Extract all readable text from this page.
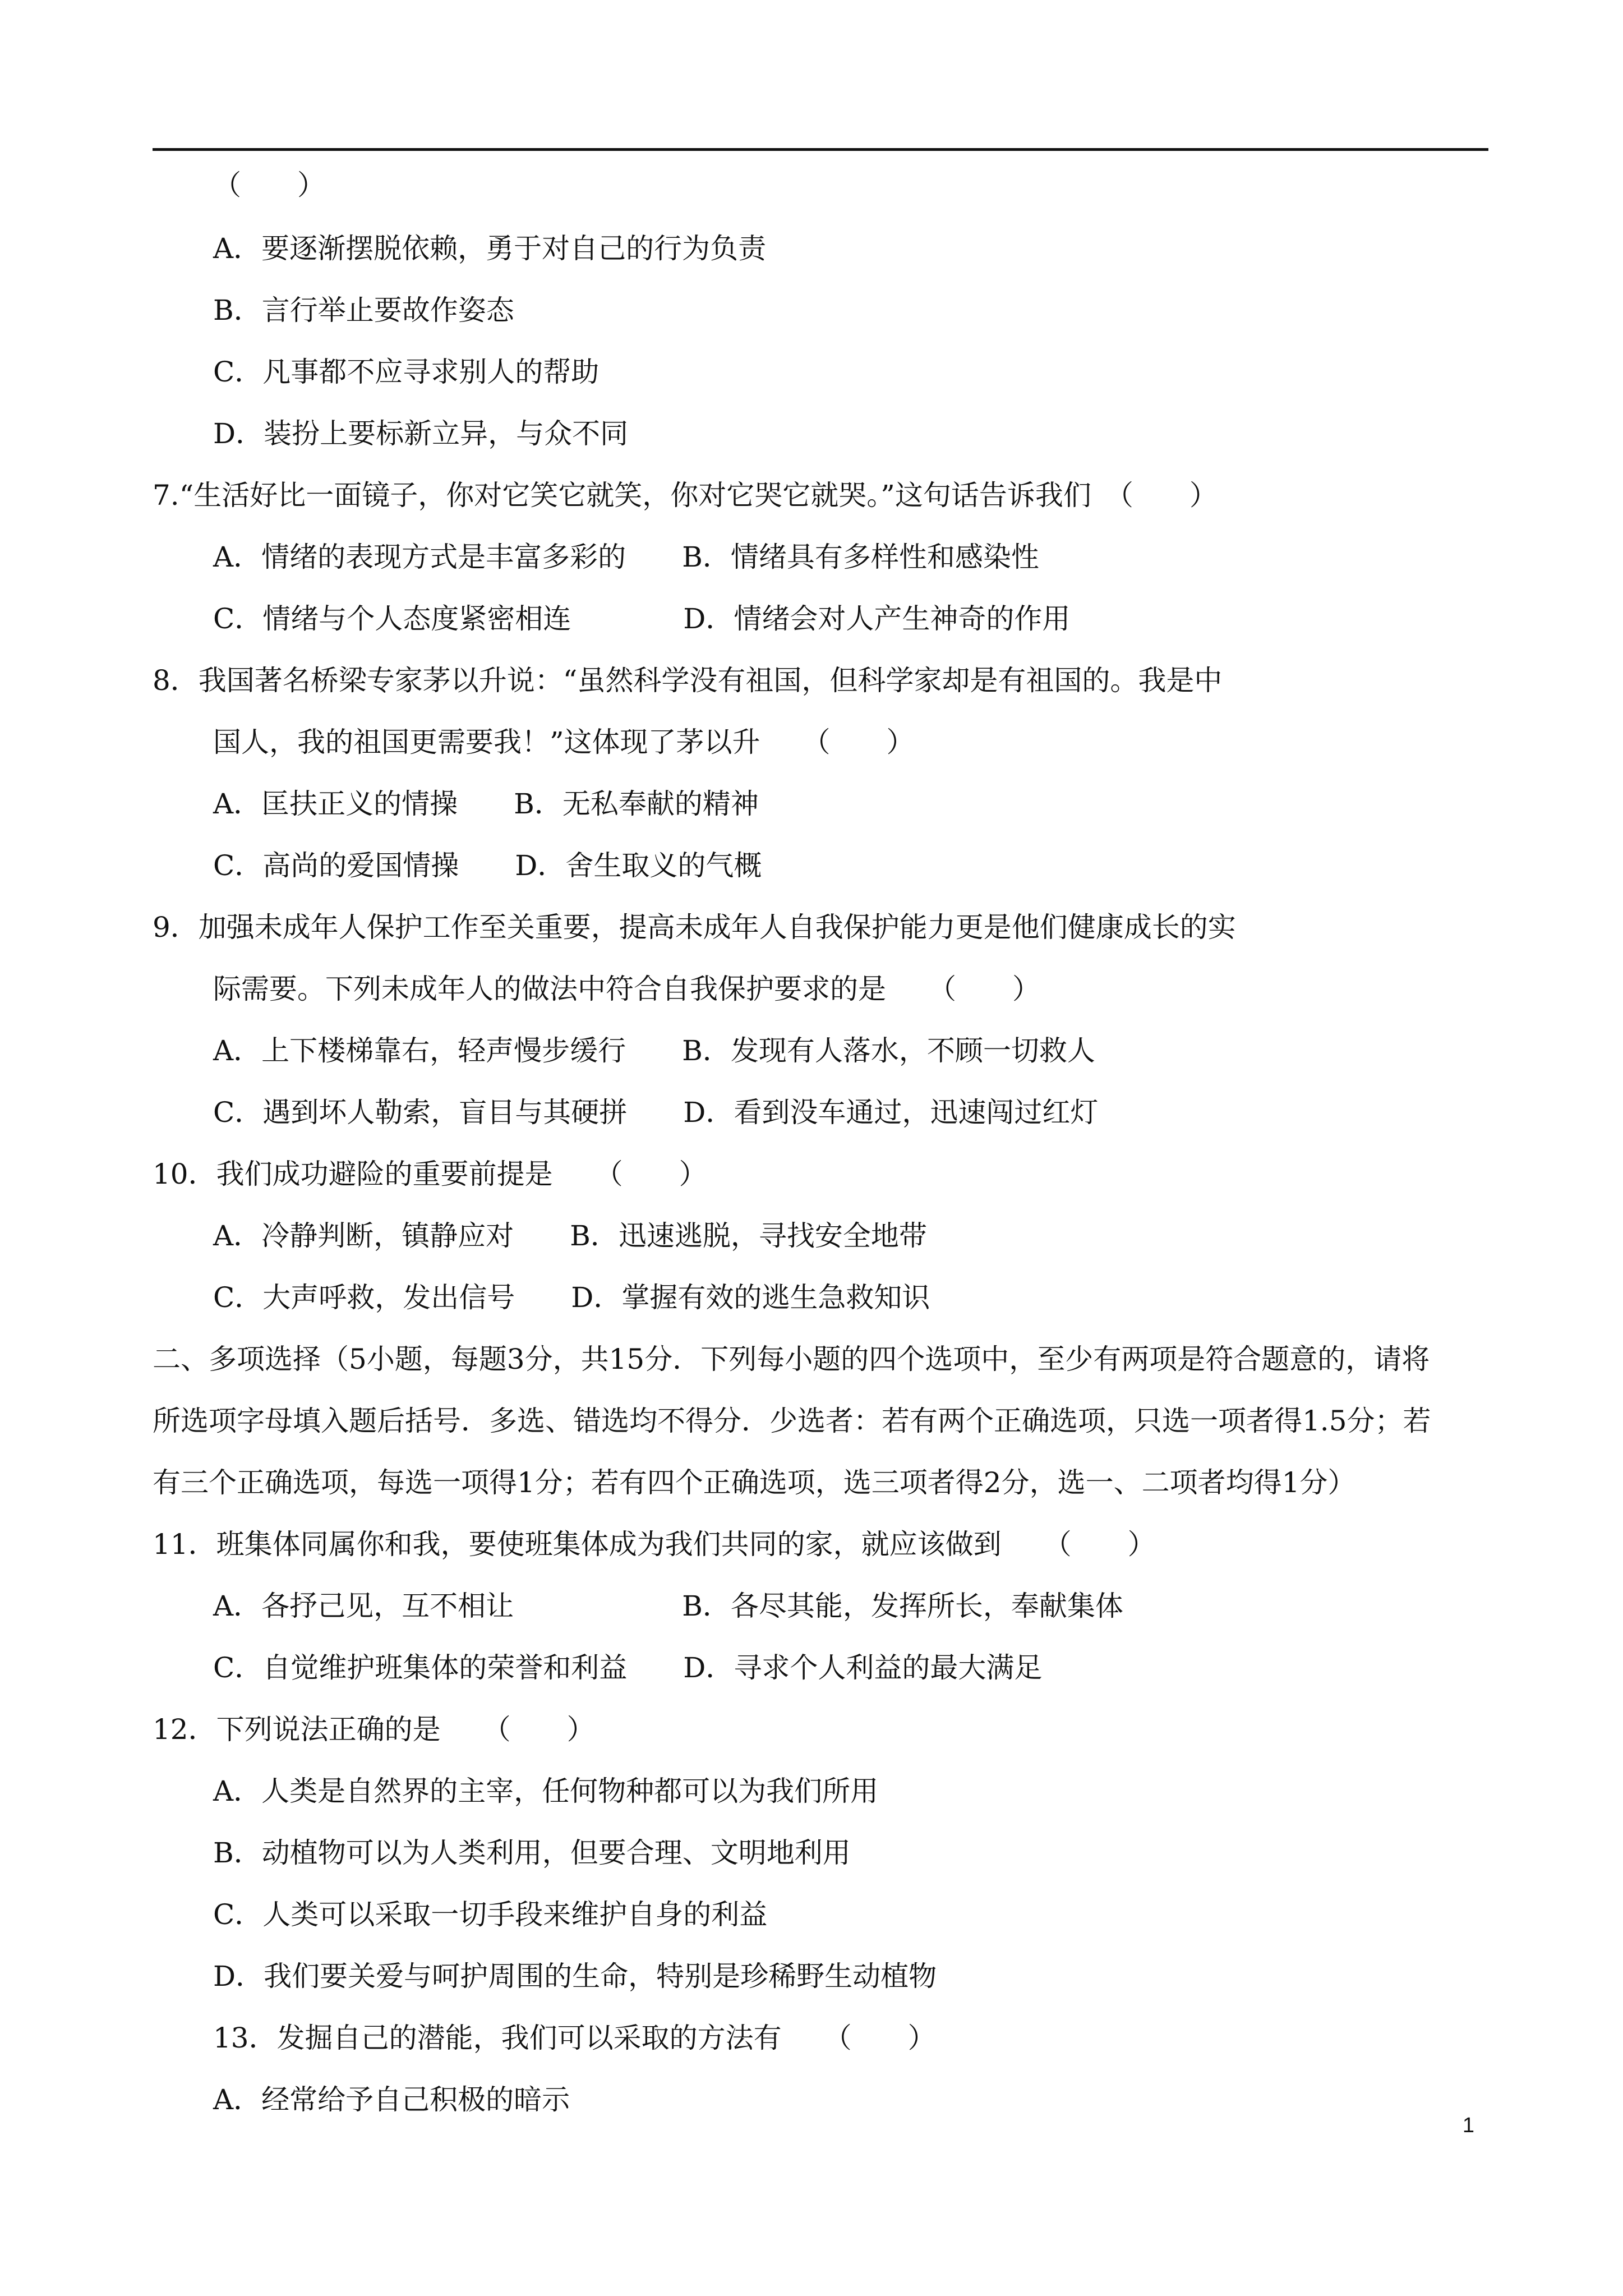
（　　）
A．要逐渐摆脱依赖，勇于对自己的行为负责
B．言行举止要故作姿态
C．凡事都不应寻求别人的帮助
D．装扮上要标新立异，与众不同
7.“生活好比一面镜子，你对它笑它就笑，你对它哭它就哭。”这句话告诉我们　（　　）
A．情绪的表现方式是丰富多彩的　　B．情绪具有多样性和感染性
C．情绪与个人态度紧密相连　　　　D．情绪会对人产生神奇的作用
8．我国著名桥梁专家茅以升说：“虽然科学没有祖国，但科学家却是有祖国的。我是中
国人，我的祖国更需要我！”这体现了茅以升　　（　　）
A．匡扶正义的情操　　B．无私奉献的精神
C．高尚的爱国情操　　D．舍生取义的气概
9．加强未成年人保护工作至关重要，提高未成年人自我保护能力更是他们健康成长的实
际需要。下列未成年人的做法中符合自我保护要求的是　　（　　）
A．上下楼梯靠右，轻声慢步缓行　　B．发现有人落水，不顾一切救人
C．遇到坏人勒索，盲目与其硬拼　　D．看到没车通过，迅速闯过红灯
10．我们成功避险的重要前提是　　（　　）
A．冷静判断，镇静应对　　B．迅速逃脱，寻找安全地带
C．大声呼救，发出信号　　D．掌握有效的逃生急救知识
二、多项选择（5小题，每题3分，共15分．下列每小题的四个选项中，至少有两项是符合题意的，请将
所选项字母填入题后括号．多选、错选均不得分．少选者：若有两个正确选项，只选一项者得1.5分；若
有三个正确选项，每选一项得1分；若有四个正确选项，选三项者得2分，选一、二项者均得1分）
11．班集体同属你和我，要使班集体成为我们共同的家，就应该做到　　（　　）
A．各抒己见，互不相让　　　　　　B．各尽其能，发挥所长，奉献集体
C．自觉维护班集体的荣誉和利益　　D．寻求个人利益的最大满足
12．下列说法正确的是　　（　　）
A．人类是自然界的主宰，任何物种都可以为我们所用
B．动植物可以为人类利用，但要合理、文明地利用
C．人类可以采取一切手段来维护自身的利益
D．我们要关爱与呵护周围的生命，特别是珍稀野生动植物
13．发掘自己的潜能，我们可以采取的方法有　　（　　）
A．经常给予自己积极的暗示
1
